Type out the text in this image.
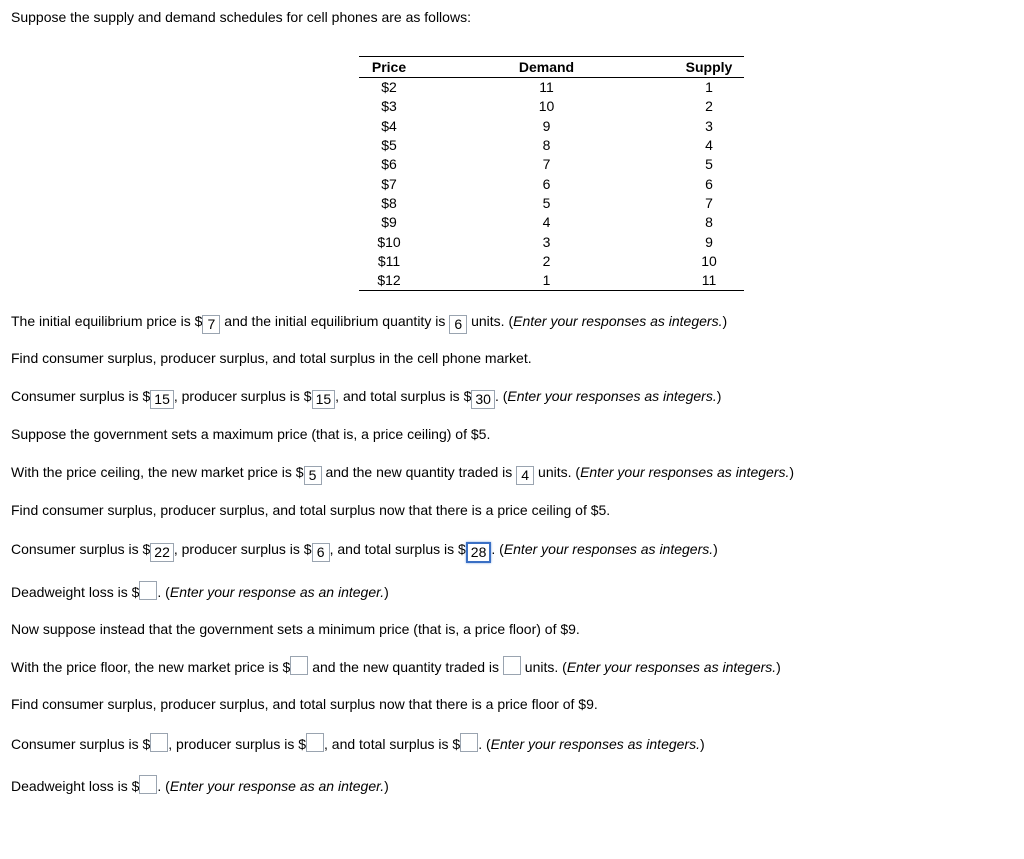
Suppose the supply and demand schedules for cell phones are as follows:
Price	Demand	Supply
$2	11	1
$3	10	2
$4	9	3
$5	8	4
$6	7	5
$7	6	6
$8	5	7
$9	4	8
$10	3	9
$11	2	10
$12	1	11
The initial equilibrium price is $ 7 and the initial equilibrium quantity is 6 units. (Enter your responses as integers.)
Find consumer surplus, producer surplus, and total surplus in the cell phone market.
Consumer surplus is $ 15 , producer surplus is $ 15 , and total surplus is $ 30 . (Enter your responses as integers.)
Suppose the government sets a maximum price (that is, a price ceiling) of $5.
With the price ceiling, the new market price is $ 5 and the new quantity traded is 4 units. (Enter your responses as integers.)
Find consumer surplus, producer surplus, and total surplus now that there is a price ceiling of $5.
Consumer surplus is $ 22 , producer surplus is $ 6 , and total surplus is $ 28 . (Enter your responses as integers.)
Deadweight loss is $ . (Enter your response as an integer.)
Now suppose instead that the government sets a minimum price (that is, a price floor) of $9.
With the price floor, the new market price is $ and the new quantity traded is  units. (Enter your responses as integers.)
Find consumer surplus, producer surplus, and total surplus now that there is a price floor of $9.
Consumer surplus is $ , producer surplus is $ , and total surplus is $ . (Enter your responses as integers.)
Deadweight loss is $ . (Enter your response as an integer.)
